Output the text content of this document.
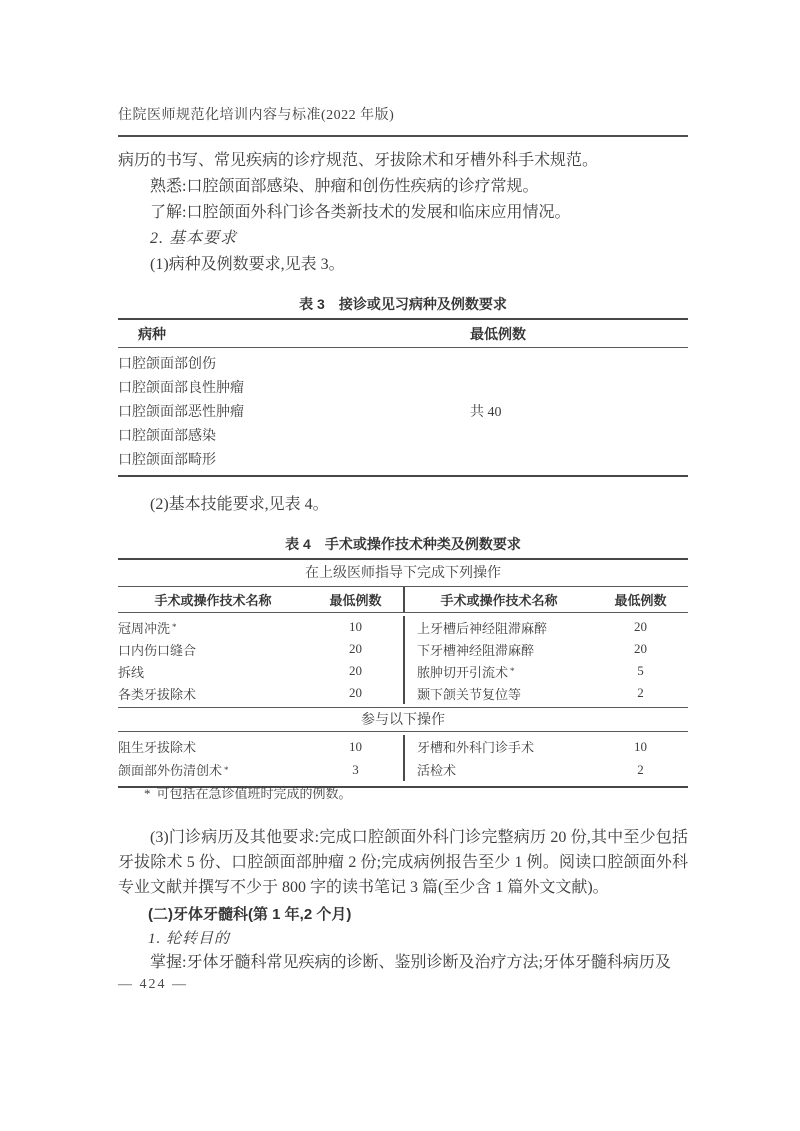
住院医师规范化培训内容与标准(2022 年版)
病历的书写、常见疾病的诊疗规范、牙拔除术和牙槽外科手术规范。
熟悉:口腔颌面部感染、肿瘤和创伤性疾病的诊疗常规。
了解:口腔颌面外科门诊各类新技术的发展和临床应用情况。
2. 基本要求
(1)病种及例数要求,见表 3。
表 3 接诊或见习病种及例数要求
病种	最低例数
口腔颌面部创伤
口腔颌面部良性肿瘤
口腔颌面部恶性肿瘤	共 40
口腔颌面部感染
口腔颌面部畸形
(2)基本技能要求,见表 4。
表 4 手术或操作技术种类及例数要求
在上级医师指导下完成下列操作
手术或操作技术名称	最低例数	手术或操作技术名称	最低例数
冠周冲洗 *	10	上牙槽后神经阻滞麻醉	20
口内伤口缝合	20	下牙槽神经阻滞麻醉	20
拆线	20	脓肿切开引流术 *	5
各类牙拔除术	20	颞下颌关节复位等	2
参与以下操作
阻生牙拔除术	10	牙槽和外科门诊手术	10
颌面部外伤清创术 *	3	活检术	2
* 可包括在急诊值班时完成的例数。
(3)门诊病历及其他要求:完成口腔颌面外科门诊完整病历 20 份,其中至少包括牙拔除术 5 份、口腔颌面部肿瘤 2 份;完成病例报告至少 1 例。阅读口腔颌面外科专业文献并撰写不少于 800 字的读书笔记 3 篇(至少含 1 篇外文文献)。
(二)牙体牙髓科(第 1 年,2 个月)
1. 轮转目的
掌握:牙体牙髓科常见疾病的诊断、鉴别诊断及治疗方法;牙体牙髓科病历及
— 424 —
